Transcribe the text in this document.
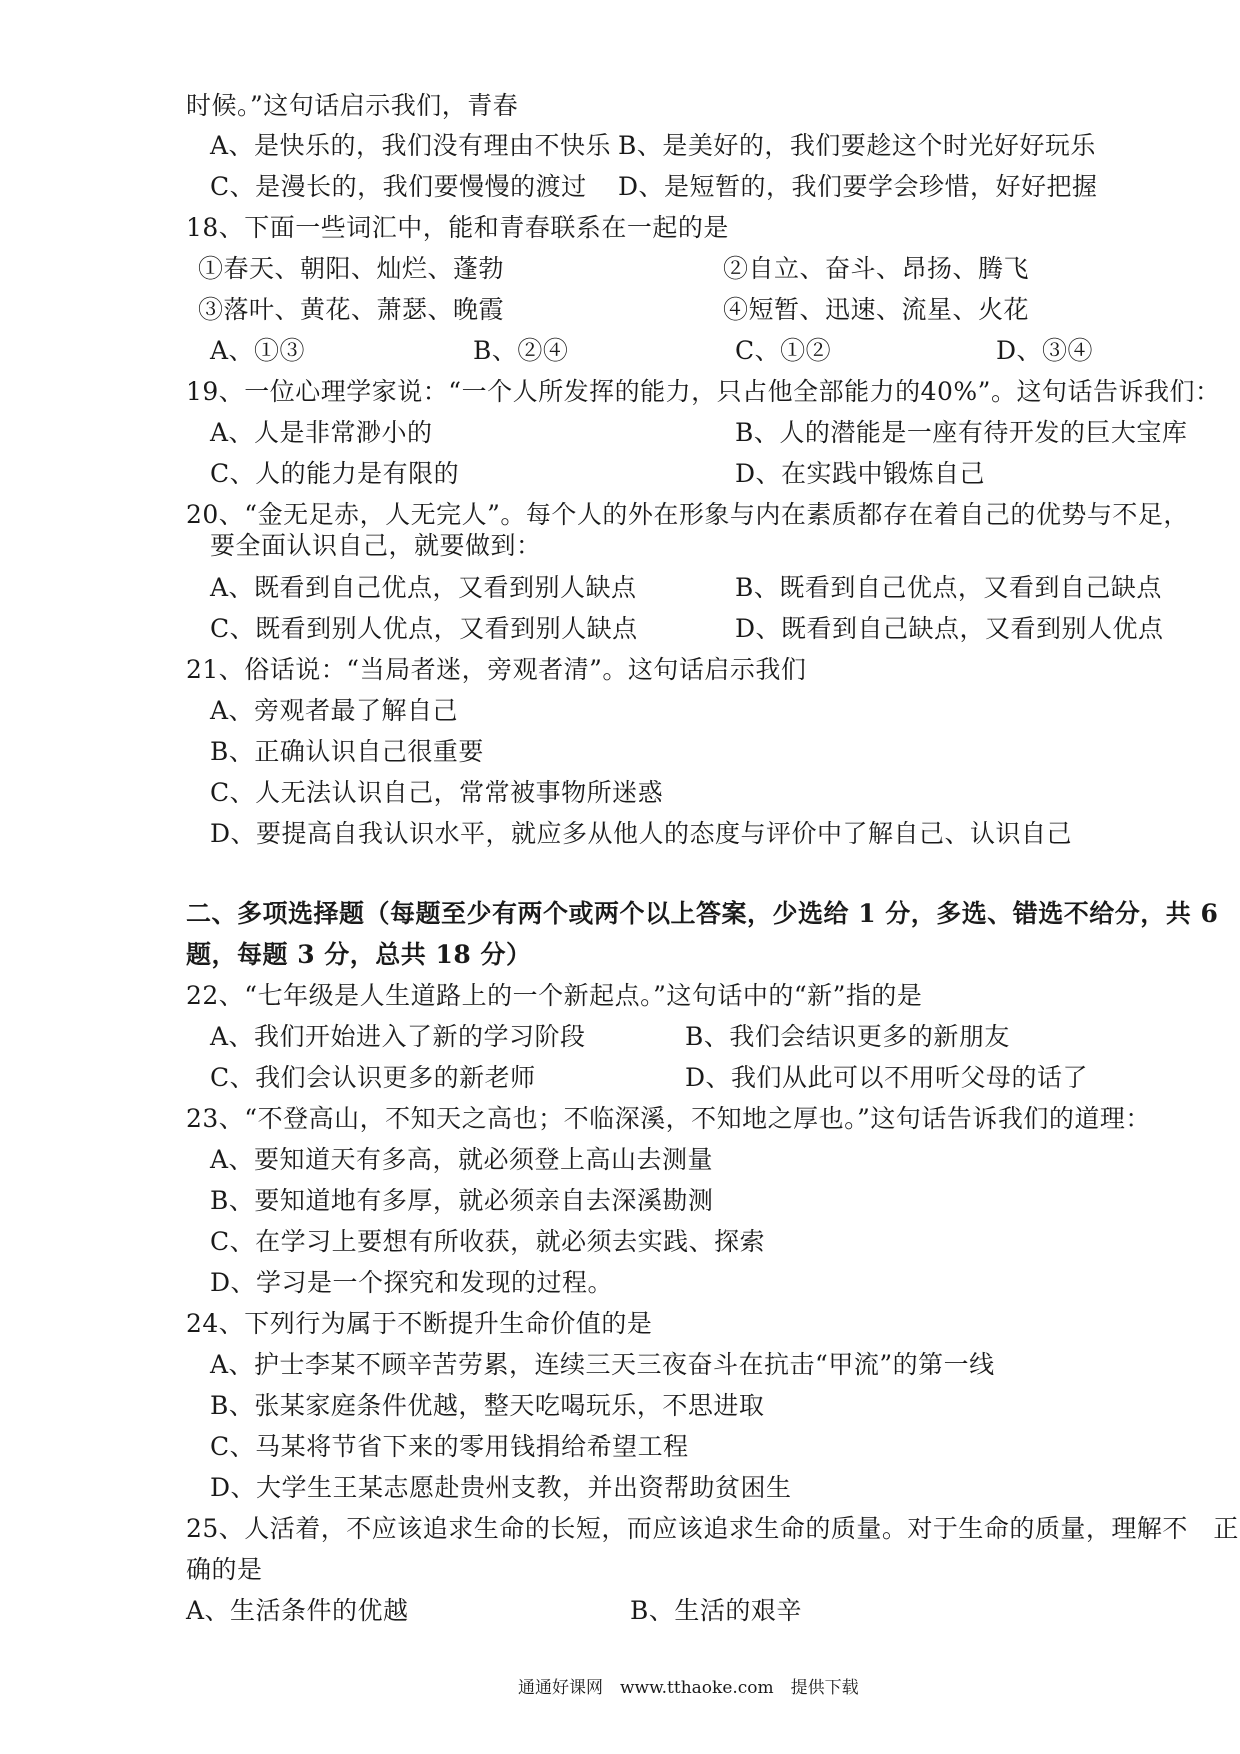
时候。”这句话启示我们，青春
A、是快乐的，我们没有理由不快乐 B、是美好的，我们要趁这个时光好好玩乐
C、是漫长的，我们要慢慢的渡过 D、是短暂的，我们要学会珍惜，好好把握
18、下面一些词汇中，能和青春联系在一起的是
①春天、朝阳、灿烂、蓬勃	②自立、奋斗、昂扬、腾飞
③落叶、黄花、萧瑟、晚霞	④短暂、迅速、流星、火花
A、①③	B、②④	C、①②	D、③④
19、一位心理学家说：“一个人所发挥的能力，只占他全部能力的40%”。这句话告诉我们：
A、人是非常渺小的	B、人的潜能是一座有待开发的巨大宝库
C、人的能力是有限的	D、在实践中锻炼自己
20、“金无足赤，人无完人”。每个人的外在形象与内在素质都存在着自己的优势与不足，
要全面认识自己，就要做到：
A、既看到自己优点，又看到别人缺点	B、既看到自己优点，又看到自己缺点
C、既看到别人优点，又看到别人缺点	D、既看到自己缺点，又看到别人优点
21、俗话说：“当局者迷，旁观者清”。这句话启示我们
A、旁观者最了解自己
B、正确认识自己很重要
C、人无法认识自己，常常被事物所迷惑
D、要提高自我认识水平，就应多从他人的态度与评价中了解自己、认识自己
二、多项选择题（每题至少有两个或两个以上答案，少选给 1 分，多选、错选不给分，共 6
题，每题 3 分，总共 18 分）
22、“七年级是人生道路上的一个新起点。”这句话中的“新”指的是
A、我们开始进入了新的学习阶段	B、我们会结识更多的新朋友
C、我们会认识更多的新老师	D、我们从此可以不用听父母的话了
23、“不登高山，不知天之高也；不临深溪，不知地之厚也。”这句话告诉我们的道理：
A、要知道天有多高，就必须登上高山去测量
B、要知道地有多厚，就必须亲自去深溪勘测
C、在学习上要想有所收获，就必须去实践、探索
D、学习是一个探究和发现的过程。
24、下列行为属于不断提升生命价值的是
A、护士李某不顾辛苦劳累，连续三天三夜奋斗在抗击“甲流”的第一线
B、张某家庭条件优越，整天吃喝玩乐，不思进取
C、马某将节省下来的零用钱捐给希望工程
D、大学生王某志愿赴贵州支教，并出资帮助贫困生
25、人活着，不应该追求生命的长短，而应该追求生命的质量。对于生命的质量，理解不　正
确的是
A、生活条件的优越	B、生活的艰辛
通通好课网　www.tthaoke.com　提供下载
